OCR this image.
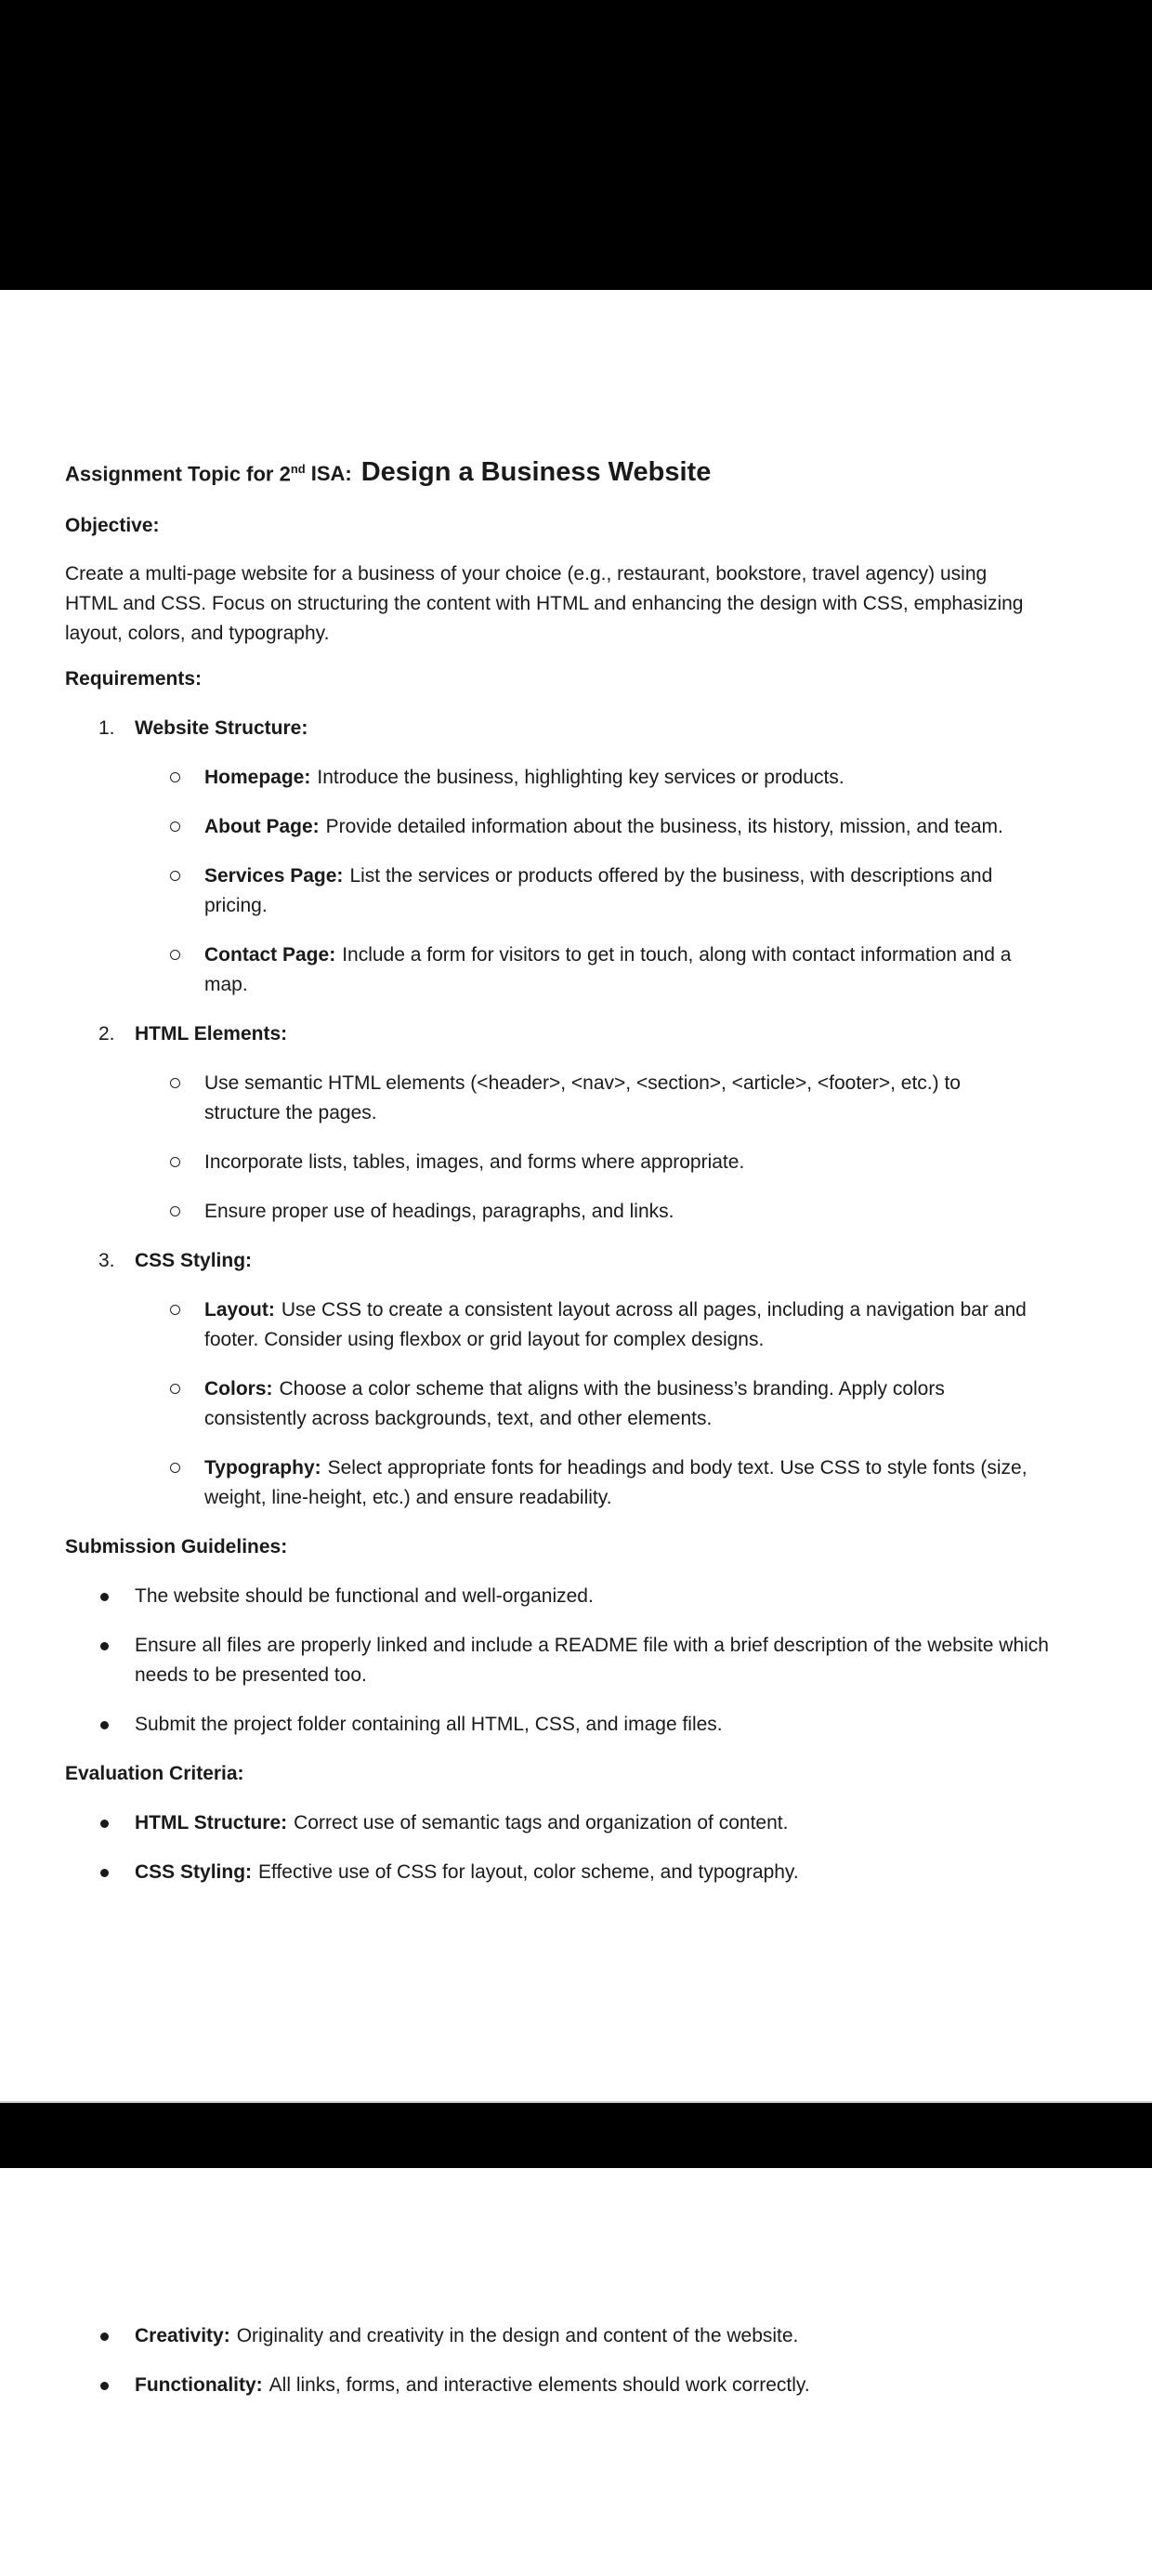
Assignment Topic for 2nd ISA: Design a Business Website
Objective:
Create a multi-page website for a business of your choice (e.g., restaurant, bookstore, travel agency) using HTML and CSS. Focus on structuring the content with HTML and enhancing the design with CSS, emphasizing layout, colors, and typography.
Requirements:
1.	Website Structure:
Homepage: Introduce the business, highlighting key services or products.
About Page: Provide detailed information about the business, its history, mission, and team.
Services Page: List the services or products offered by the business, with descriptions and pricing.
Contact Page: Include a form for visitors to get in touch, along with contact information and a map.
2.	HTML Elements:
Use semantic HTML elements (<header>, <nav>, <section>, <article>, <footer>, etc.) to structure the pages.
Incorporate lists, tables, images, and forms where appropriate.
Ensure proper use of headings, paragraphs, and links.
3.	CSS Styling:
Layout: Use CSS to create a consistent layout across all pages, including a navigation bar and footer. Consider using flexbox or grid layout for complex designs.
Colors: Choose a color scheme that aligns with the business’s branding. Apply colors consistently across backgrounds, text, and other elements.
Typography: Select appropriate fonts for headings and body text. Use CSS to style fonts (size, weight, line-height, etc.) and ensure readability.
Submission Guidelines:
The website should be functional and well-organized.
Ensure all files are properly linked and include a README file with a brief description of the website which needs to be presented too.
Submit the project folder containing all HTML, CSS, and image files.
Evaluation Criteria:
HTML Structure: Correct use of semantic tags and organization of content.
CSS Styling: Effective use of CSS for layout, color scheme, and typography.
Creativity: Originality and creativity in the design and content of the website.
Functionality: All links, forms, and interactive elements should work correctly.
